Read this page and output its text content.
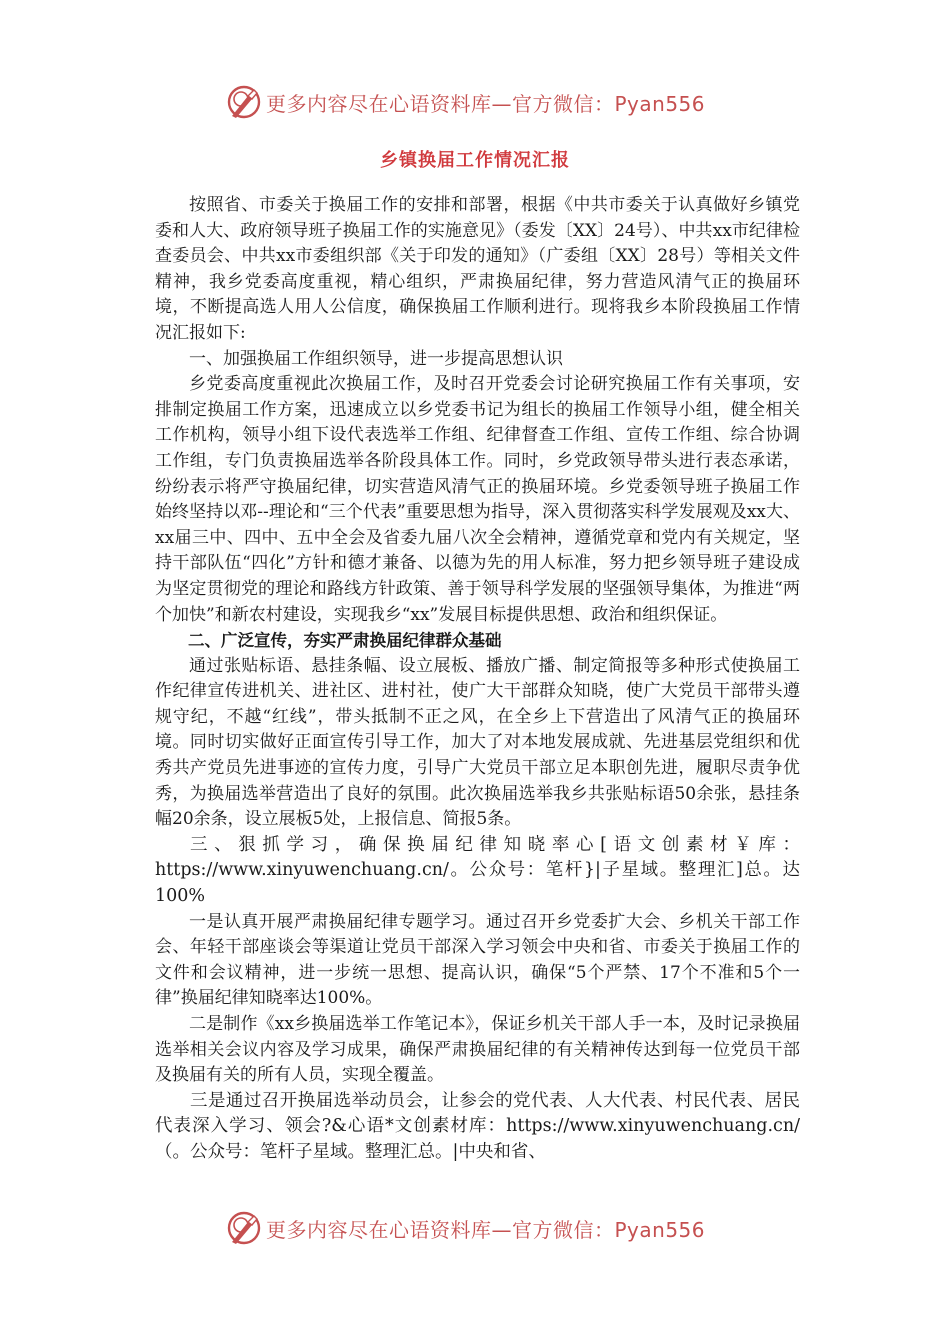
更多内容尽在心语资料库—官方微信：Pyan556
乡镇换届工作情况汇报

按照省、市委关于换届工作的安排和部署，根据《中共市委关于认真做好乡镇党委和人大、政府领导班子换届工作的实施意见》（委发〔XX〕24号）、中共xx市纪律检查委员会、中共xx市委组织部《关于印发的通知》（广委组〔XX〕28号）等相关文件精神，我乡党委高度重视，精心组织，严肃换届纪律，努力营造风清气正的换届环境，不断提高选人用人公信度，确保换届工作顺利进行。现将我乡本阶段换届工作情况汇报如下:

一、加强换届工作组织领导，进一步提高思想认识

乡党委高度重视此次换届工作，及时召开党委会讨论研究换届工作有关事项，安排制定换届工作方案，迅速成立以乡党委书记为组长的换届工作领导小组，健全相关工作机构，领导小组下设代表选举工作组、纪律督查工作组、宣传工作组、综合协调工作组，专门负责换届选举各阶段具体工作。同时，乡党政领导带头进行表态承诺，纷纷表示将严守换届纪律，切实营造风清气正的换届环境。乡党委领导班子换届工作始终坚持以邓--理论和“三个代表”重要思想为指导，深入贯彻落实科学发展观及xx大、xx届三中、四中、五中全会及省委九届八次全会精神，遵循党章和党内有关规定，坚持干部队伍“四化”方针和德才兼备、以德为先的用人标准，努力把乡领导班子建设成为坚定贯彻党的理论和路线方针政策、善于领导科学发展的坚强领导集体，为推进“两个加快”和新农村建设，实现我乡“xx”发展目标提供思想、政治和组织保证。

二、广泛宣传，夯实严肃换届纪律群众基础

通过张贴标语、悬挂条幅、设立展板、播放广播、制定简报等多种形式使换届工作纪律宣传进机关、进社区、进村社，使广大干部群众知晓，使广大党员干部带头遵规守纪，不越“红线”，带头抵制不正之风，在全乡上下营造出了风清气正的换届环境。同时切实做好正面宣传引导工作，加大了对本地发展成就、先进基层党组织和优秀共产党员先进事迹的宣传力度，引导广大党员干部立足本职创先进，履职尽责争优秀，为换届选举营造出了良好的氛围。此次换届选举我乡共张贴标语50余张，悬挂条幅20余条，设立展板5处，上报信息、简报5条。

三、狠抓学习，确保换届纪律知晓率心[语文创素材￥库：https://www.xinyuwenchuang.cn/。公众号：笔杆}|子星域。整理汇]总。达100%

一是认真开展严肃换届纪律专题学习。通过召开乡党委扩大会、乡机关干部工作会、年轻干部座谈会等渠道让党员干部深入学习领会中央和省、市委关于换届工作的文件和会议精神，进一步统一思想、提高认识，确保“5个严禁、17个不准和5个一律”换届纪律知晓率达100%。

二是制作《xx乡换届选举工作笔记本》，保证乡机关干部人手一本，及时记录换届选举相关会议内容及学习成果，确保严肃换届纪律的有关精神传达到每一位党员干部及换届有关的所有人员，实现全覆盖。

三是通过召开换届选举动员会，让参会的党代表、人大代表、村民代表、居民代表深入学习、领会?&心语*文创素材库：https://www.xinyuwenchuang.cn/（。公众号：笔杆子星域。整理汇总。|中央和省、

更多内容尽在心语资料库—官方微信：Pyan556
